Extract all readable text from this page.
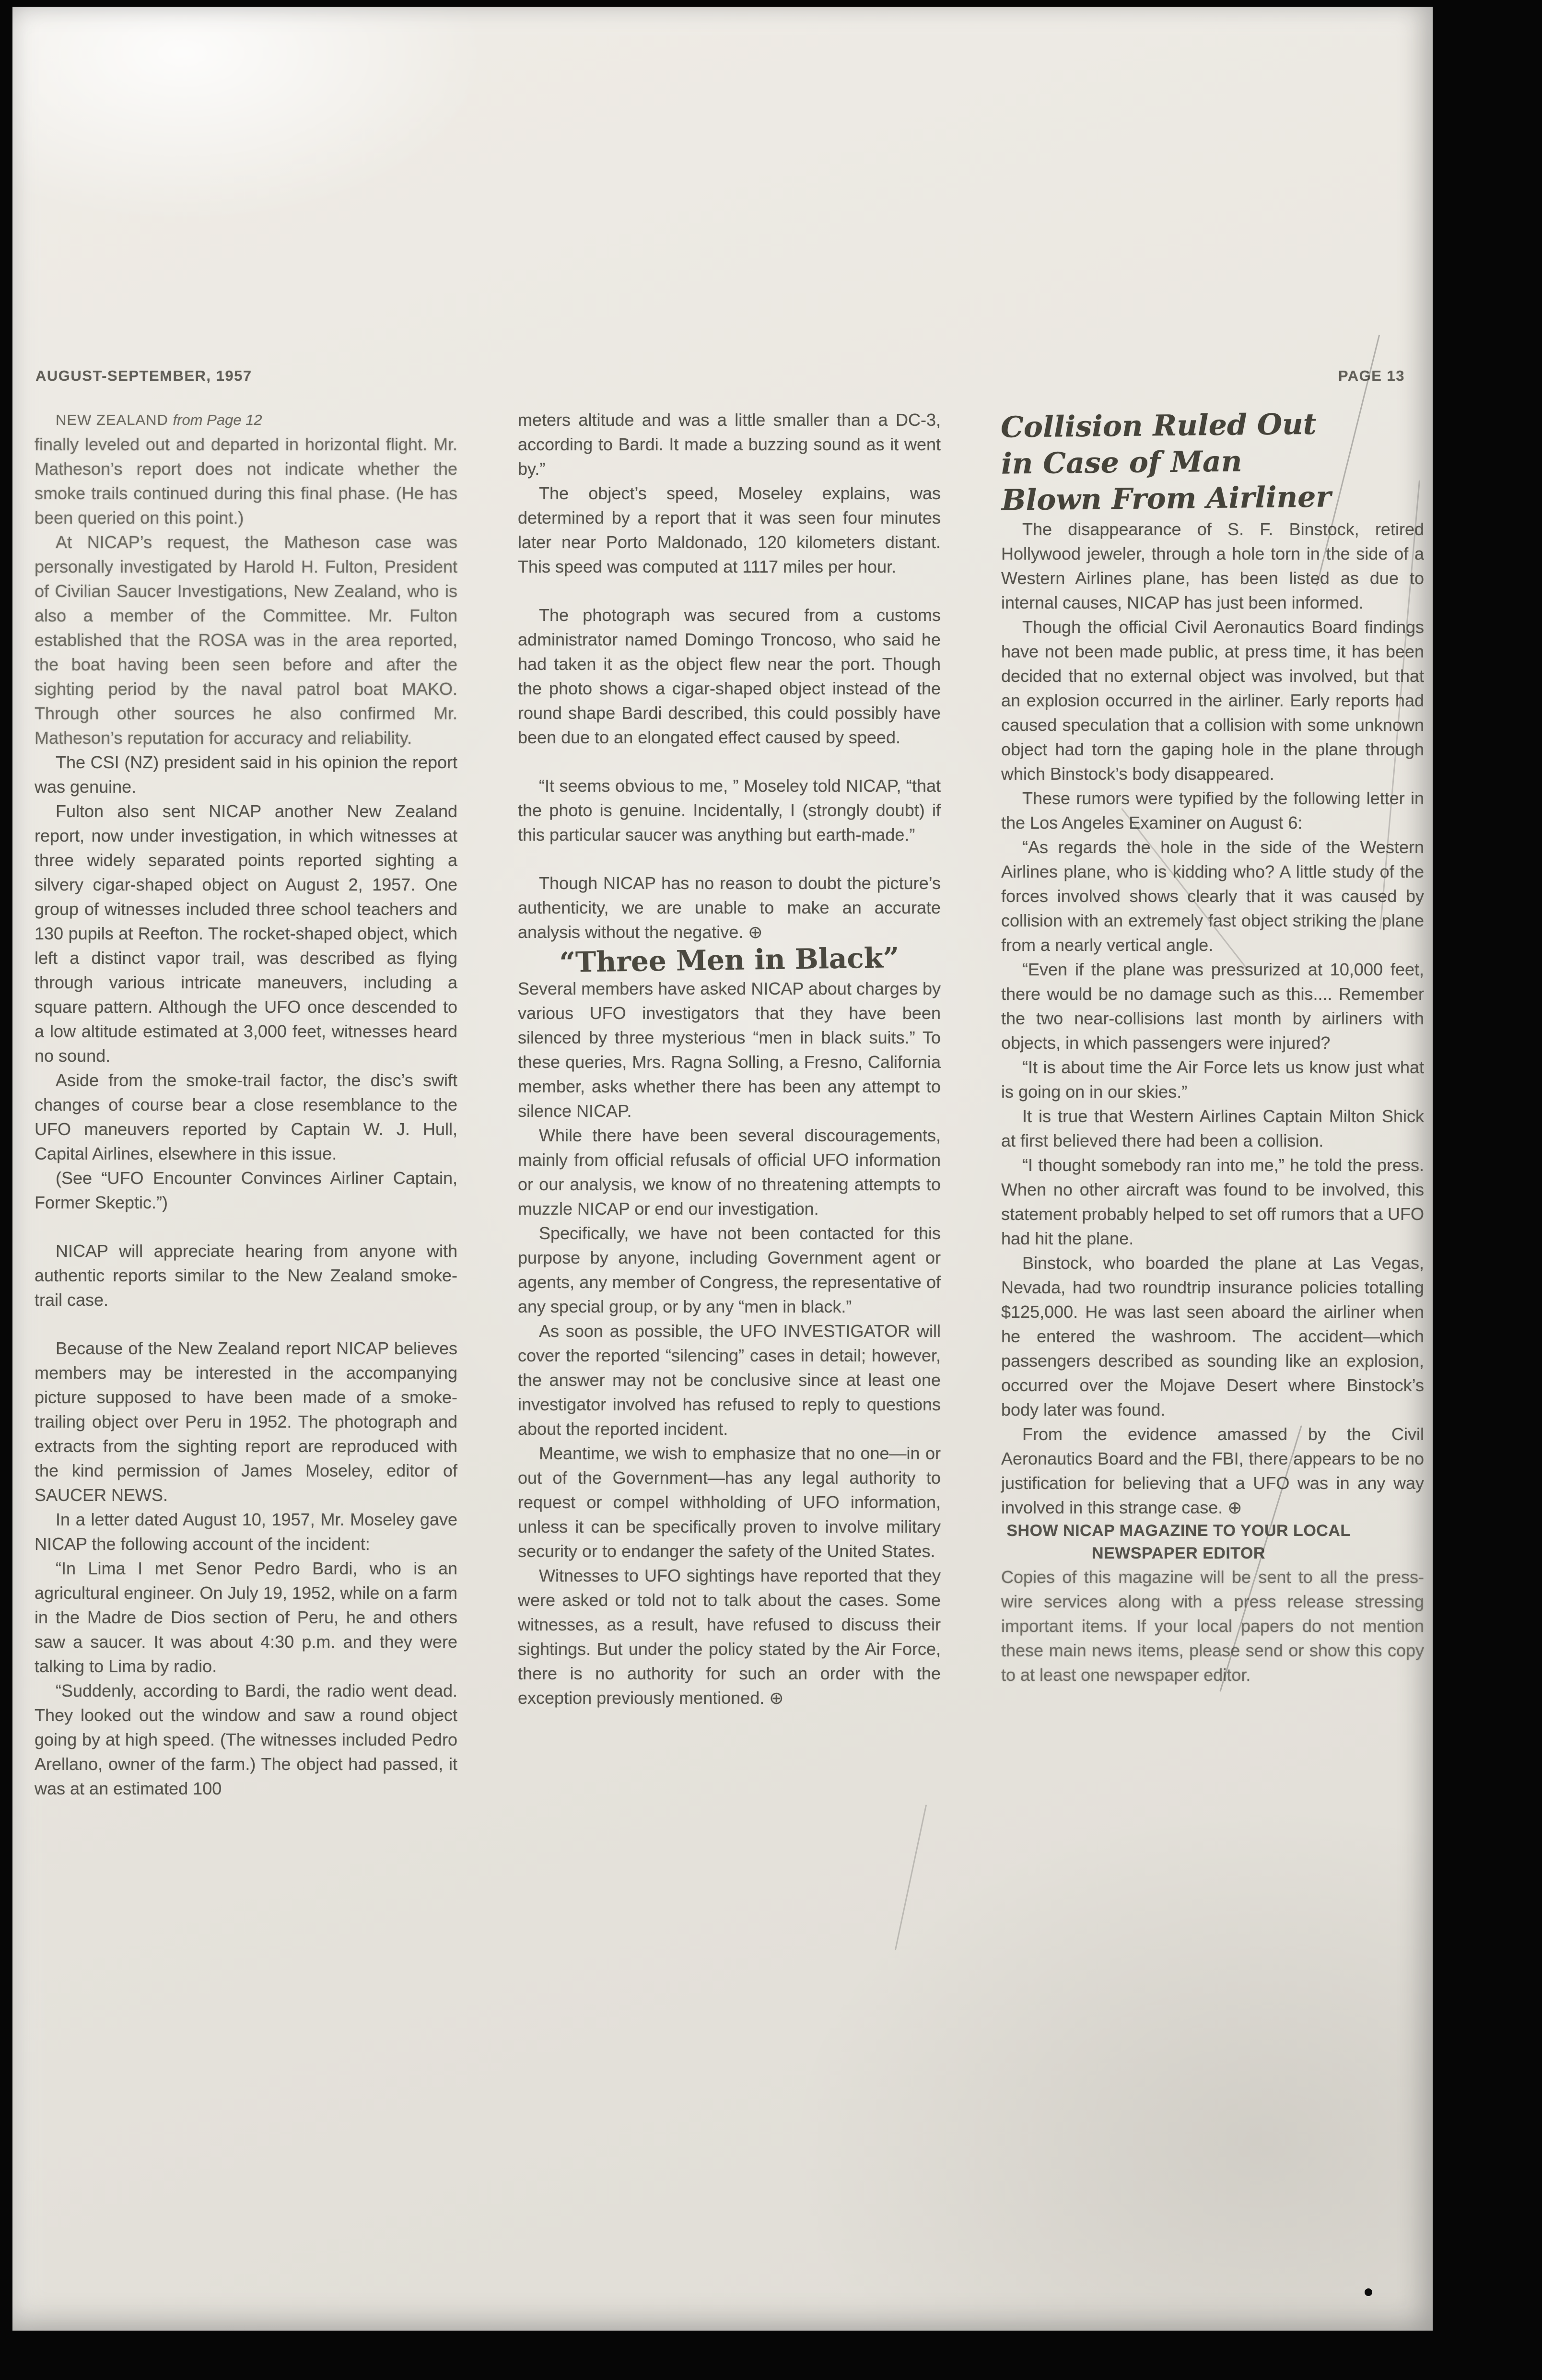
AUGUST-SEPTEMBER, 1957	PAGE 13

NEW ZEALAND from Page 12

finally leveled out and departed in horizontal flight. Mr. Matheson’s report does not indicate whether the smoke trails continued during this final phase. (He has been queried on this point.)

At NICAP’s request, the Matheson case was personally investigated by Harold H. Fulton, President of Civilian Saucer Investigations, New Zealand, who is also a member of the Committee. Mr. Fulton established that the ROSA was in the area reported, the boat having been seen before and after the sighting period by the naval patrol boat MAKO. Through other sources he also confirmed Mr. Matheson’s reputation for accuracy and reliability.

The CSI (NZ) president said in his opinion the report was genuine.

Fulton also sent NICAP another New Zealand report, now under investigation, in which witnesses at three widely separated points reported sighting a silvery cigar-shaped object on August 2, 1957. One group of witnesses included three school teachers and 130 pupils at Reefton. The rocket-shaped object, which left a distinct vapor trail, was described as flying through various intricate maneuvers, including a square pattern. Although the UFO once descended to a low altitude estimated at 3,000 feet, witnesses heard no sound.

Aside from the smoke-trail factor, the disc’s swift changes of course bear a close resemblance to the UFO maneuvers reported by Captain W. J. Hull, Capital Airlines, elsewhere in this issue.

(See “UFO Encounter Convinces Airliner Captain, Former Skeptic.”)

NICAP will appreciate hearing from anyone with authentic reports similar to the New Zealand smoke-trail case.

Because of the New Zealand report NICAP believes members may be interested in the accompanying picture supposed to have been made of a smoke-trailing object over Peru in 1952. The photograph and extracts from the sighting report are reproduced with the kind permission of James Moseley, editor of SAUCER NEWS.

In a letter dated August 10, 1957, Mr. Moseley gave NICAP the following account of the incident:

“In Lima I met Senor Pedro Bardi, who is an agricultural engineer. On July 19, 1952, while on a farm in the Madre de Dios section of Peru, he and others saw a saucer. It was about 4:30 p.m. and they were talking to Lima by radio.

“Suddenly, according to Bardi, the radio went dead. They looked out the window and saw a round object going by at high speed. (The witnesses included Pedro Arellano, owner of the farm.) The object had passed, it was at an estimated 100

meters altitude and was a little smaller than a DC-3, according to Bardi. It made a buzzing sound as it went by.”

The object’s speed, Moseley explains, was determined by a report that it was seen four minutes later near Porto Maldonado, 120 kilometers distant. This speed was computed at 1117 miles per hour.

The photograph was secured from a customs administrator named Domingo Troncoso, who said he had taken it as the object flew near the port. Though the photo shows a cigar-shaped object instead of the round shape Bardi described, this could possibly have been due to an elongated effect caused by speed.

“It seems obvious to me, ” Moseley told NICAP, “that the photo is genuine. Incidentally, I (strongly doubt) if this particular saucer was anything but earth-made.”

Though NICAP has no reason to doubt the picture’s authenticity, we are unable to make an accurate analysis without the negative. ⊕

“Three Men in Black”

Several members have asked NICAP about charges by various UFO investigators that they have been silenced by three mysterious “men in black suits.” To these queries, Mrs. Ragna Solling, a Fresno, California member, asks whether there has been any attempt to silence NICAP.

While there have been several discouragements, mainly from official refusals of official UFO information or our analysis, we know of no threatening attempts to muzzle NICAP or end our investigation.

Specifically, we have not been contacted for this purpose by anyone, including Government agent or agents, any member of Congress, the representative of any special group, or by any “men in black.”

As soon as possible, the UFO INVESTIGATOR will cover the reported “silencing” cases in detail; however, the answer may not be conclusive since at least one investigator involved has refused to reply to questions about the reported incident.

Meantime, we wish to emphasize that no one—in or out of the Government—has any legal authority to request or compel withholding of UFO information, unless it can be specifically proven to involve military security or to endanger the safety of the United States.

Witnesses to UFO sightings have reported that they were asked or told not to talk about the cases. Some witnesses, as a result, have refused to discuss their sightings. But under the policy stated by the Air Force, there is no authority for such an order with the exception previously mentioned. ⊕

Collision Ruled Out in Case of Man Blown From Airliner

The disappearance of S. F. Binstock, retired Hollywood jeweler, through a hole torn in the side of a Western Airlines plane, has been listed as due to internal causes, NICAP has just been informed.

Though the official Civil Aeronautics Board findings have not been made public, at press time, it has been decided that no external object was involved, but that an explosion occurred in the airliner. Early reports had caused speculation that a collision with some unknown object had torn the gaping hole in the plane through which Binstock’s body disappeared.

These rumors were typified by the following letter in the Los Angeles Examiner on August 6:

“As regards the hole in the side of the Western Airlines plane, who is kidding who? A little study of the forces involved shows clearly that it was caused by collision with an extremely fast object striking the plane from a nearly vertical angle.

“Even if the plane was pressurized at 10,000 feet, there would be no damage such as this.... Remember the two near-collisions last month by airliners with objects, in which passengers were injured?

“It is about time the Air Force lets us know just what is going on in our skies.”

It is true that Western Airlines Captain Milton Shick at first believed there had been a collision.

“I thought somebody ran into me,” he told the press. When no other aircraft was found to be involved, this statement probably helped to set off rumors that a UFO had hit the plane.

Binstock, who boarded the plane at Las Vegas, Nevada, had two roundtrip insurance policies totalling $125,000. He was last seen aboard the airliner when he entered the washroom. The accident—which passengers described as sounding like an explosion, occurred over the Mojave Desert where Binstock’s body later was found.

From the evidence amassed by the Civil Aeronautics Board and the FBI, there appears to be no justification for believing that a UFO was in any way involved in this strange case. ⊕

SHOW NICAP MAGAZINE TO YOUR LOCAL NEWSPAPER EDITOR

Copies of this magazine will be sent to all the press-wire services along with a press release stressing important items. If your local papers do not mention these main news items, please send or show this copy to at least one newspaper editor.
